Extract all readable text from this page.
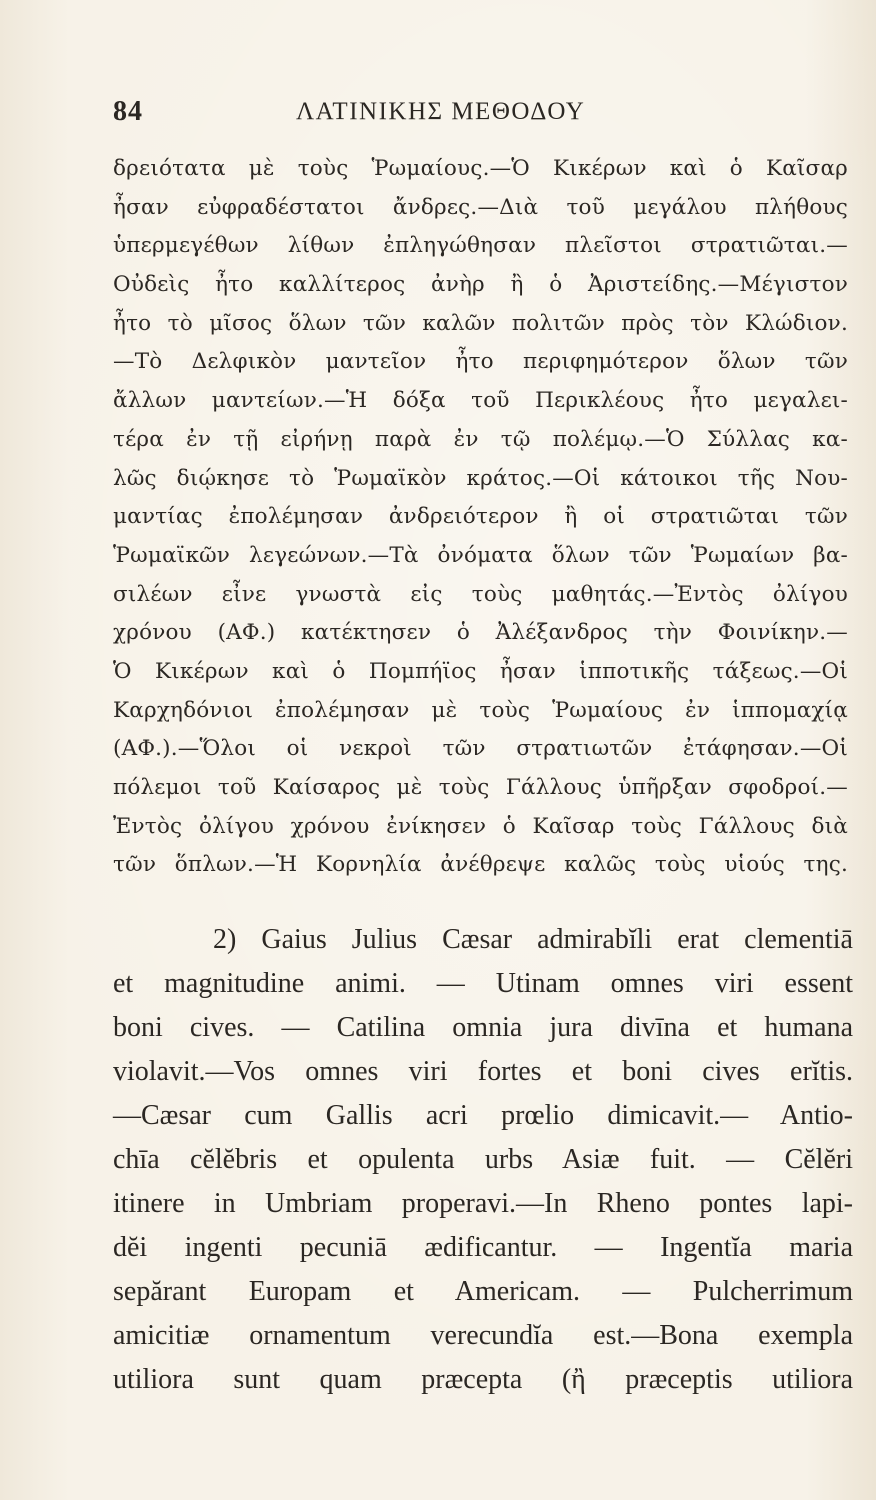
84	ΛΑΤΙΝΙΚΗΣ ΜΕΘΟΔΟΥ
δρειότατα μὲ τοὺς Ῥωμαίους.—Ὁ Κικέρων καὶ ὁ Καῖσαρ
ἦσαν εὐφραδέστατοι ἄνδρες.—Διὰ τοῦ μεγάλου πλήθους
ὑπερμεγέθων λίθων ἐπληγώθησαν πλεῖστοι στρατιῶται.—
Οὐδεὶς ἦτο καλλίτερος ἀνὴρ ἢ ὁ Ἀριστείδης.—Μέγιστον
ἦτο τὸ μῖσος ὅλων τῶν καλῶν πολιτῶν πρὸς τὸν Κλώδιον.
—Τὸ Δελφικὸν μαντεῖον ἦτο περιφημότερον ὅλων τῶν
ἄλλων μαντείων.—Ἡ δόξα τοῦ Περικλέους ἦτο μεγαλει-
τέρα ἐν τῇ εἰρήνῃ παρὰ ἐν τῷ πολέμῳ.—Ὁ Σύλλας κα-
λῶς διῴκησε τὸ Ῥωμαϊκὸν κράτος.—Οἱ κάτοικοι τῆς Νου-
μαντίας ἐπολέμησαν ἀνδρειότερον ἢ οἱ στρατιῶται τῶν
Ῥωμαϊκῶν λεγεώνων.—Τὰ ὀνόματα ὅλων τῶν Ῥωμαίων βα-
σιλέων εἶνε γνωστὰ εἰς τοὺς μαθητάς.—Ἐντὸς ὀλίγου
χρόνου (ΑΦ.) κατέκτησεν ὁ Ἀλέξανδρος τὴν Φοινίκην.—
Ὁ Κικέρων καὶ ὁ Πομπήϊος ἦσαν ἱπποτικῆς τάξεως.—Οἱ
Καρχηδόνιοι ἐπολέμησαν μὲ τοὺς Ῥωμαίους ἐν ἱππομαχίᾳ
(ΑΦ.).—Ὅλοι οἱ νεκροὶ τῶν στρατιωτῶν ἐτάφησαν.—Οἱ
πόλεμοι τοῦ Καίσαρος μὲ τοὺς Γάλλους ὑπῆρξαν σφοδροί.—
Ἐντὸς ὀλίγου χρόνου ἐνίκησεν ὁ Καῖσαρ τοὺς Γάλλους διὰ
τῶν ὅπλων.—Ἡ Κορνηλία ἀνέθρεψε καλῶς τοὺς υἱούς της.
2) Gaius Julius Cæsar admirabĭli erat clementiā
et magnitudine animi. — Utinam omnes viri essent
boni cives. — Catilina omnia jura divīna et humana
violavit.—Vos omnes viri fortes et boni cives erĭtis.
—Cæsar cum Gallis acri prœlio dimicavit.— Antio-
chīa cĕlĕbris et opulenta urbs Asiæ fuit. — Cĕlĕri
itinere in Umbriam properavi.—In Rheno pontes lapi-
dĕi ingenti pecuniā ædificantur. — Ingentĭa maria
sepărant Europam et Americam. — Pulcherrimum
amicitiæ ornamentum verecundĭa est.—Bona exempla
utiliora sunt quam præcepta (ἢ præceptis utiliora
